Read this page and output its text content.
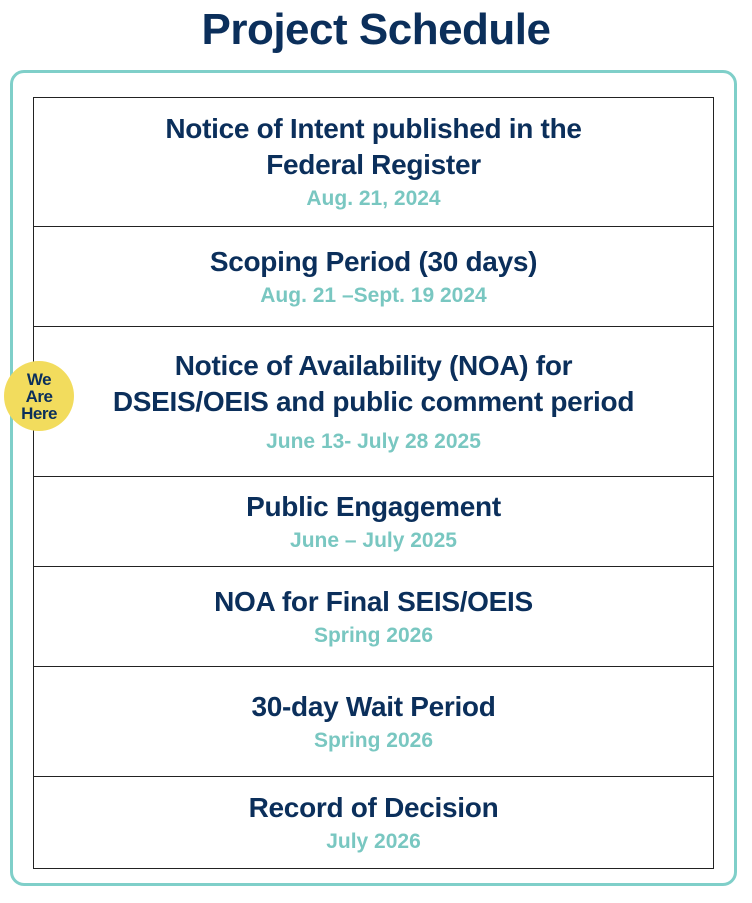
Project Schedule
Notice of Intent published in the
Federal Register
Aug. 21, 2024
Scoping Period (30 days)
Aug. 21 –Sept. 19 2024
Notice of Availability (NOA) for
DSEIS/OEIS and public comment period
June 13- July 28 2025
Public Engagement
June – July 2025
NOA for Final SEIS/OEIS
Spring 2026
30-day Wait Period
Spring 2026
Record of Decision
July 2026
We
Are
Here
